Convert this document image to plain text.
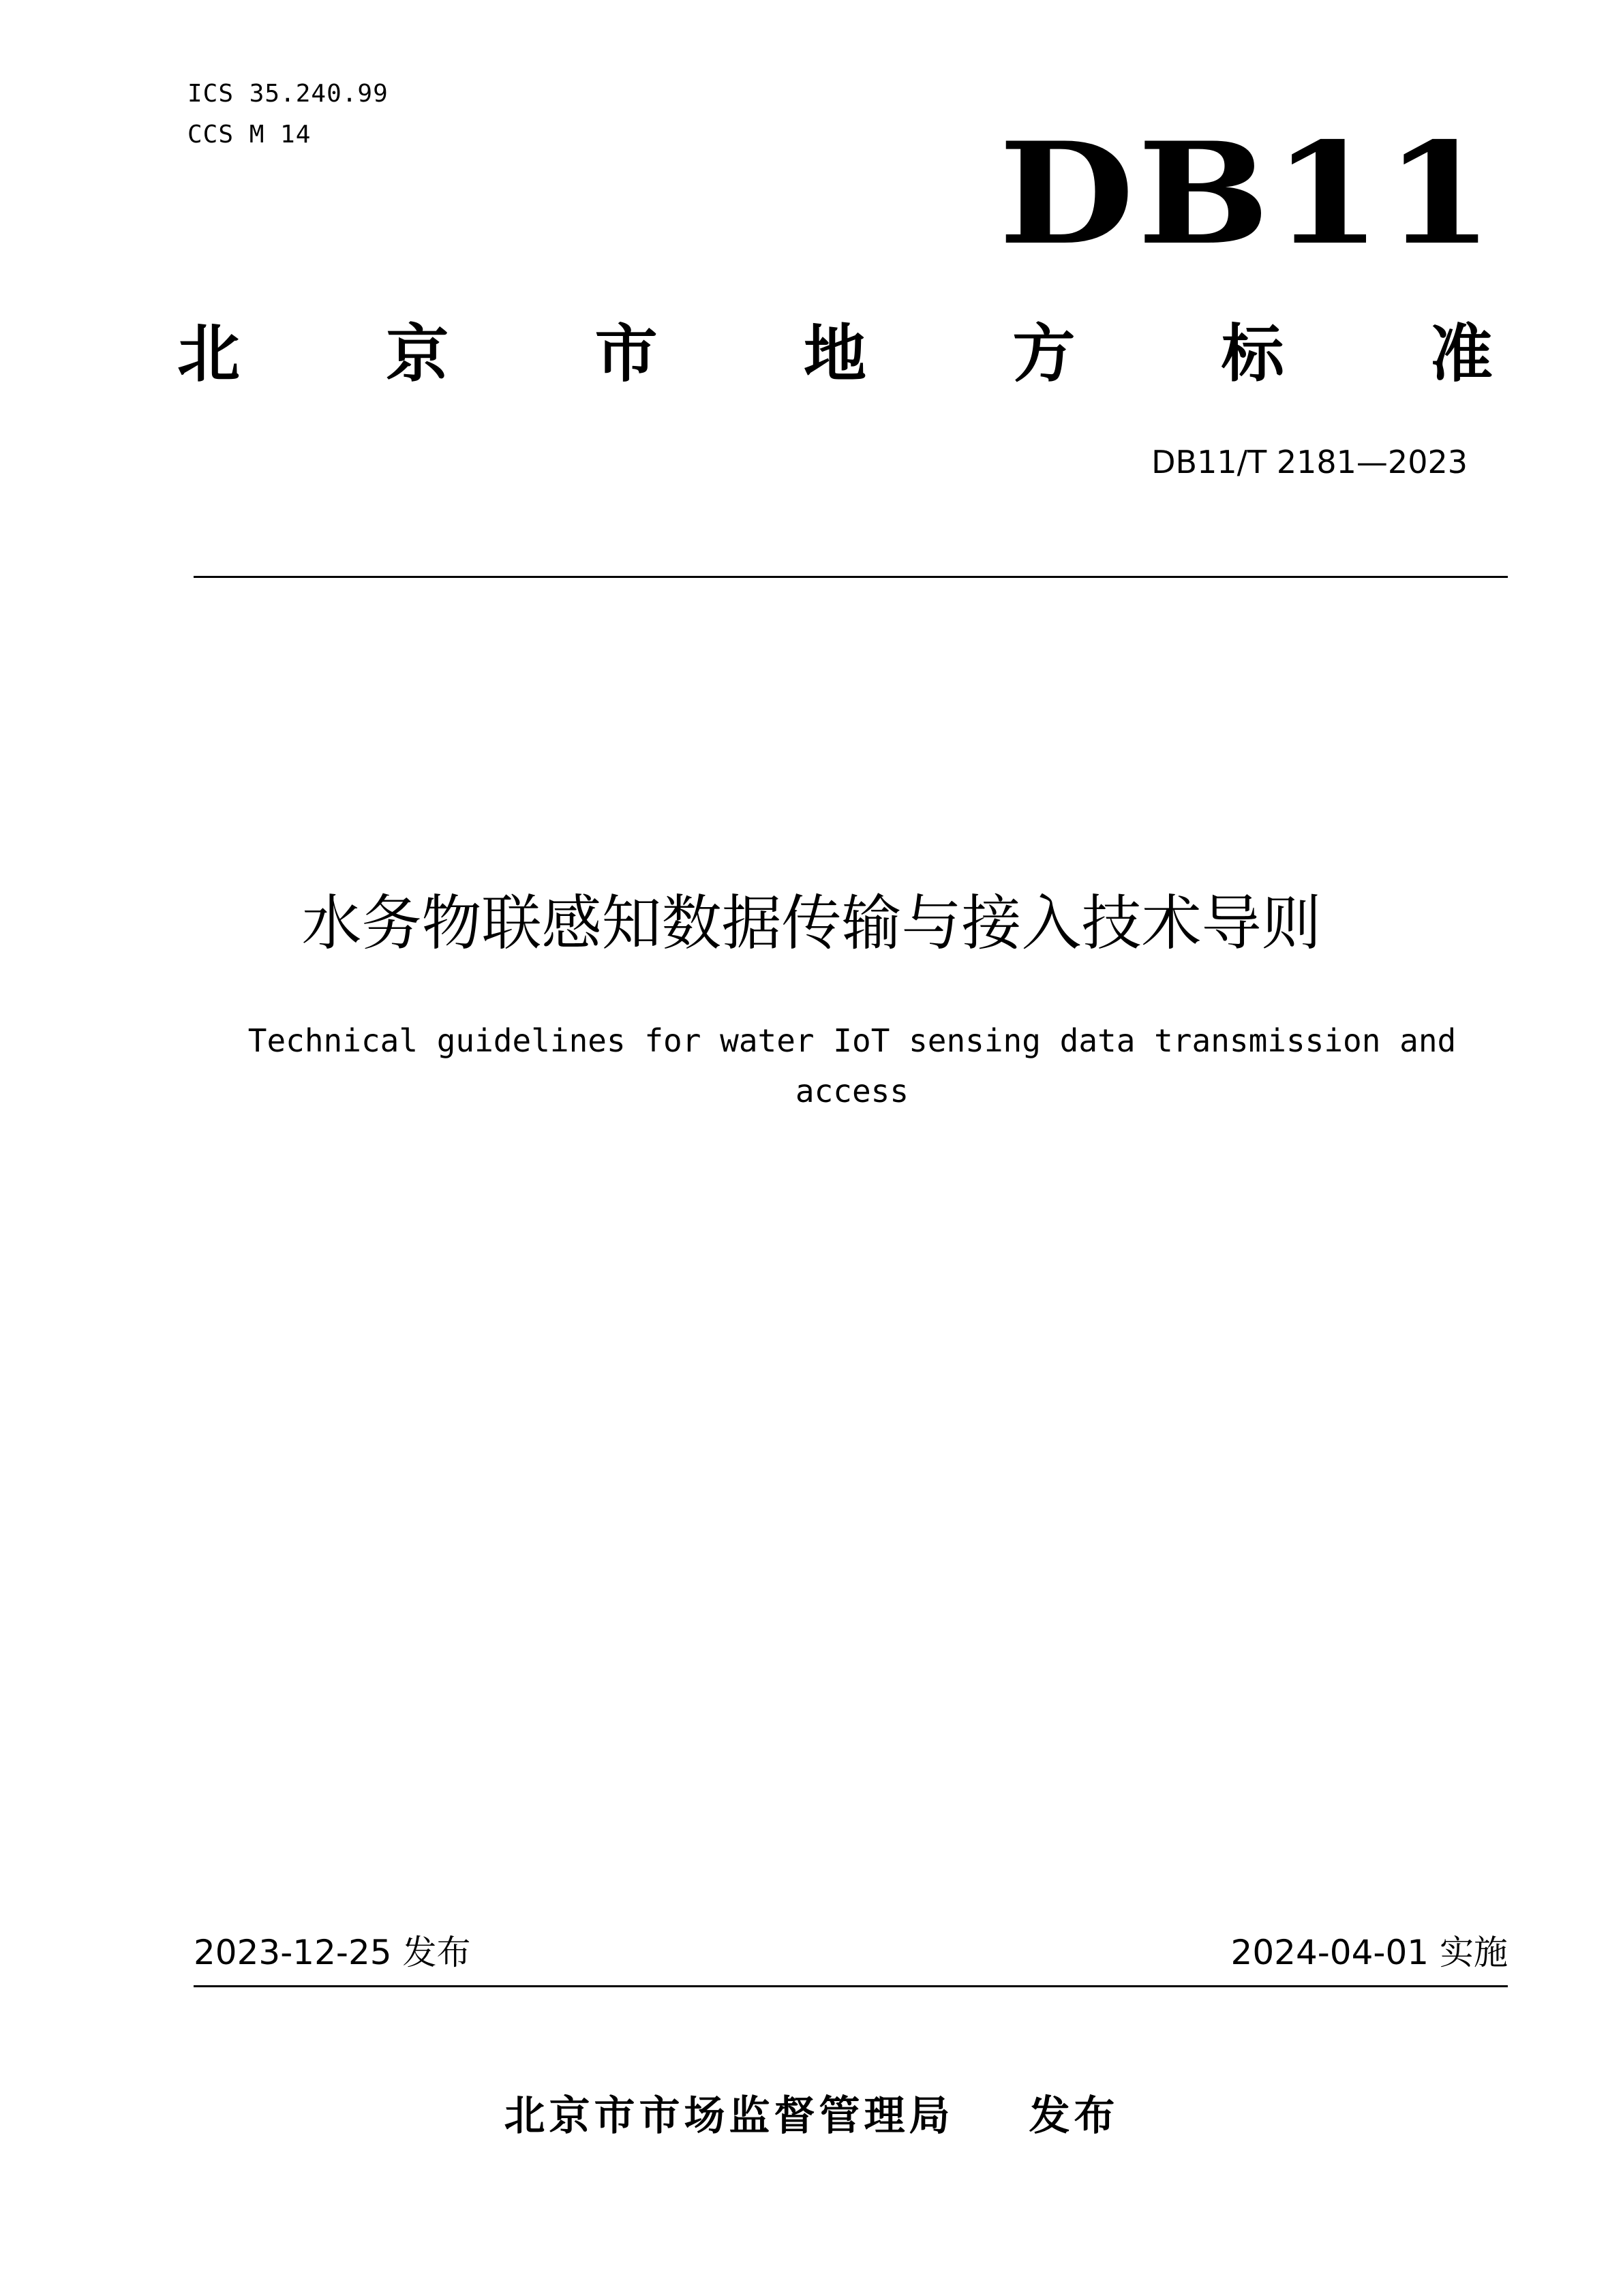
ICS 35.240.99
CCS M 14	DB11
北 京 市 地 方 标 准
DB11/T 2181—2023
水务物联感知数据传输与接入技术导则
Technical guidelines for water IoT sensing data transmission and access
2023-12-25 发布	2024-04-01 实施
北京市市场监督管理局 发布
